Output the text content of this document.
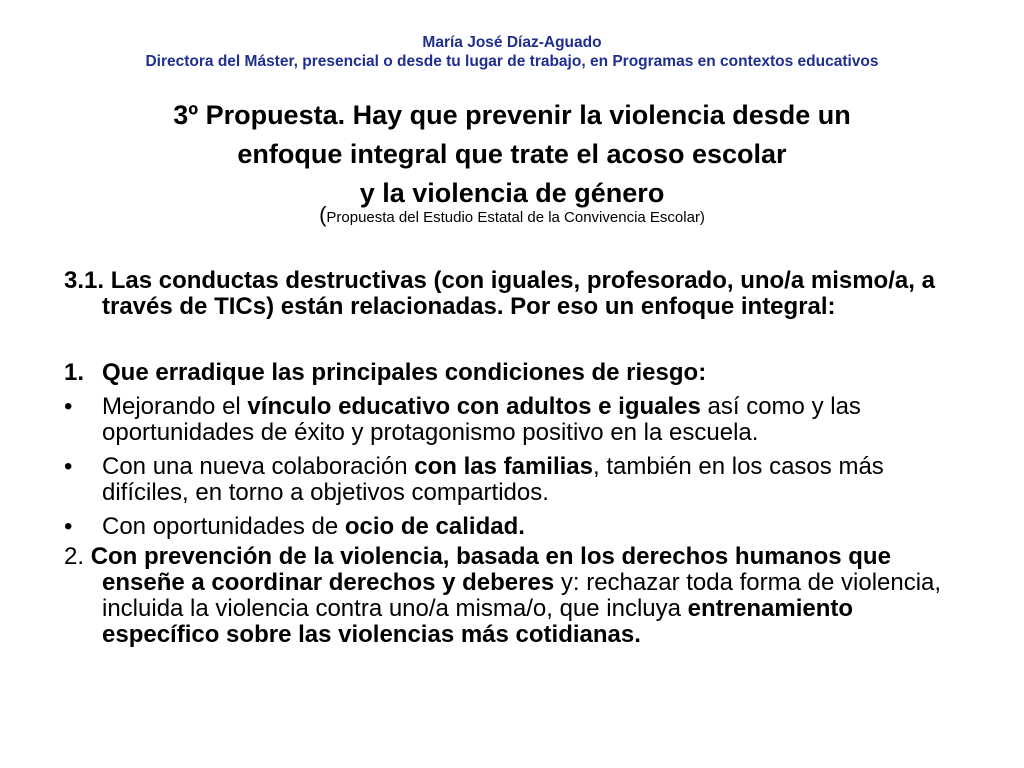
María José Díaz-Aguado
Directora del Máster, presencial o desde tu lugar de trabajo, en Programas en contextos educativos
3º Propuesta. Hay que prevenir la violencia desde un
enfoque integral que trate el acoso escolar
y la violencia de género
(Propuesta del Estudio Estatal de la Convivencia Escolar)
3.1. Las conductas destructivas (con iguales, profesorado, uno/a mismo/a, a través de TICs) están relacionadas. Por eso un enfoque integral:
1. Que erradique las principales condiciones de riesgo:
• Mejorando el vínculo educativo con adultos e iguales así como y las oportunidades de éxito y protagonismo positivo en la escuela.
• Con una nueva colaboración con las familias, también en los casos más difíciles, en torno a objetivos compartidos.
• Con oportunidades de ocio de calidad.
2. Con prevención de la violencia, basada en los derechos humanos que enseñe a coordinar derechos y deberes y: rechazar toda forma de violencia, incluida la violencia contra uno/a misma/o, que incluya entrenamiento específico sobre las violencias más cotidianas.
